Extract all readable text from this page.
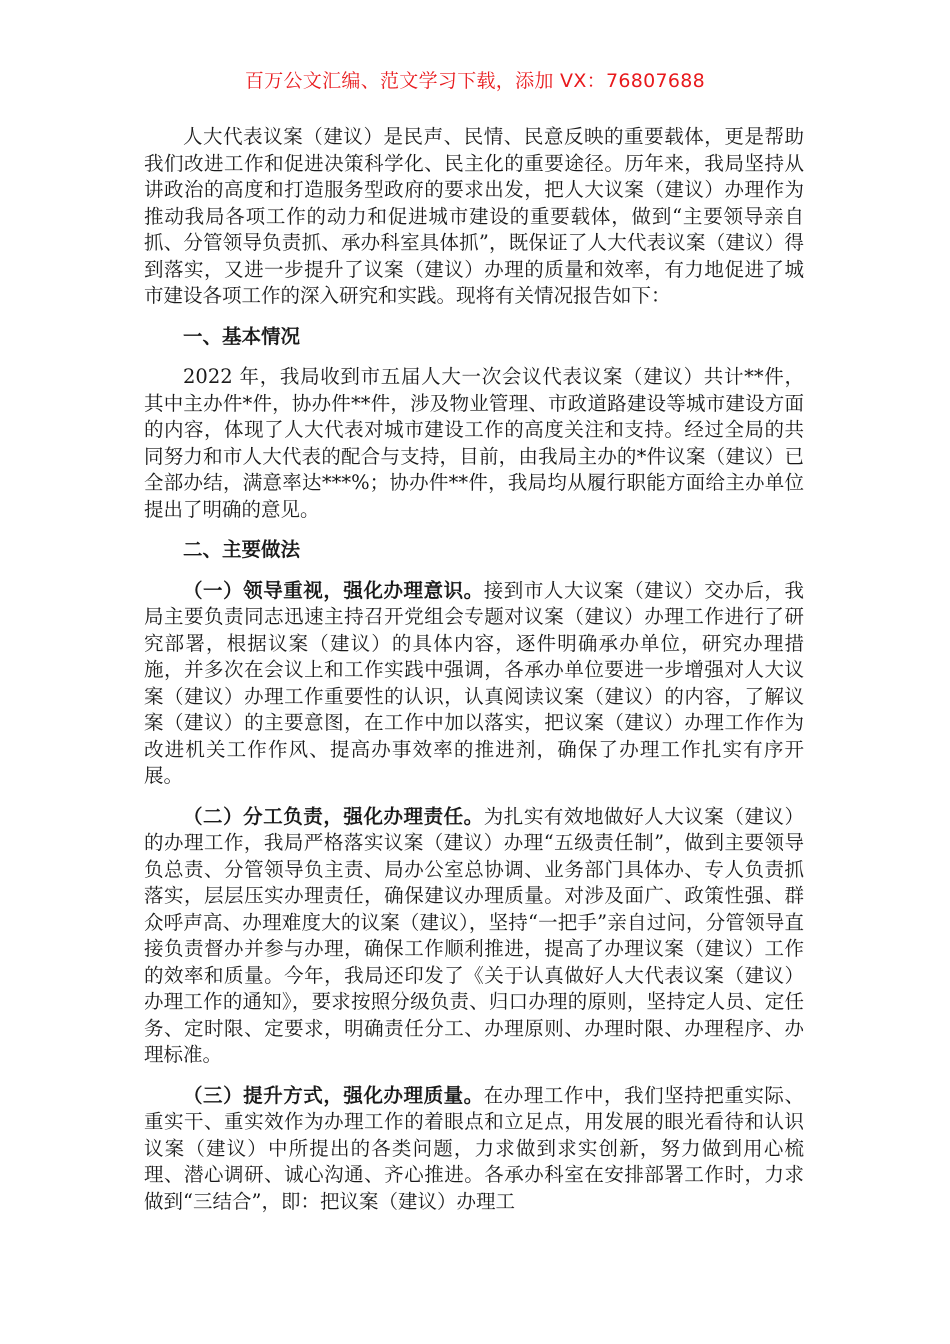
百万公文汇编、范文学习下载，添加 VX：76807688

人大代表议案（建议）是民声、民情、民意反映的重要载体，更是帮助我们改进工作和促进决策科学化、民主化的重要途径。历年来，我局坚持从讲政治的高度和打造服务型政府的要求出发，把人大议案（建议）办理作为推动我局各项工作的动力和促进城市建设的重要载体，做到“主要领导亲自抓、分管领导负责抓、承办科室具体抓”，既保证了人大代表议案（建议）得到落实，又进一步提升了议案（建议）办理的质量和效率，有力地促进了城市建设各项工作的深入研究和实践。现将有关情况报告如下：

一、基本情况

2022 年，我局收到市五届人大一次会议代表议案（建议）共计**件，其中主办件*件，协办件**件，涉及物业管理、市政道路建设等城市建设方面的内容，体现了人大代表对城市建设工作的高度关注和支持。经过全局的共同努力和市人大代表的配合与支持，目前，由我局主办的*件议案（建议）已全部办结，满意率达***%；协办件**件，我局均从履行职能方面给主办单位提出了明确的意见。

二、主要做法

（一）领导重视，强化办理意识。接到市人大议案（建议）交办后，我局主要负责同志迅速主持召开党组会专题对议案（建议）办理工作进行了研究部署，根据议案（建议）的具体内容，逐件明确承办单位，研究办理措施，并多次在会议上和工作实践中强调，各承办单位要进一步增强对人大议案（建议）办理工作重要性的认识，认真阅读议案（建议）的内容，了解议案（建议）的主要意图，在工作中加以落实，把议案（建议）办理工作作为改进机关工作作风、提高办事效率的推进剂，确保了办理工作扎实有序开展。

（二）分工负责，强化办理责任。为扎实有效地做好人大议案（建议）的办理工作，我局严格落实议案（建议）办理“五级责任制”，做到主要领导负总责、分管领导负主责、局办公室总协调、业务部门具体办、专人负责抓落实，层层压实办理责任，确保建议办理质量。对涉及面广、政策性强、群众呼声高、办理难度大的议案（建议），坚持“一把手”亲自过问，分管领导直接负责督办并参与办理，确保工作顺利推进，提高了办理议案（建议）工作的效率和质量。今年，我局还印发了《关于认真做好人大代表议案（建议）办理工作的通知》，要求按照分级负责、归口办理的原则，坚持定人员、定任务、定时限、定要求，明确责任分工、办理原则、办理时限、办理程序、办理标准。

（三）提升方式，强化办理质量。在办理工作中，我们坚持把重实际、重实干、重实效作为办理工作的着眼点和立足点，用发展的眼光看待和认识议案（建议）中所提出的各类问题，力求做到求实创新，努力做到用心梳理、潜心调研、诚心沟通、齐心推进。各承办科室在安排部署工作时，力求做到“三结合”，即：把议案（建议）办理工
